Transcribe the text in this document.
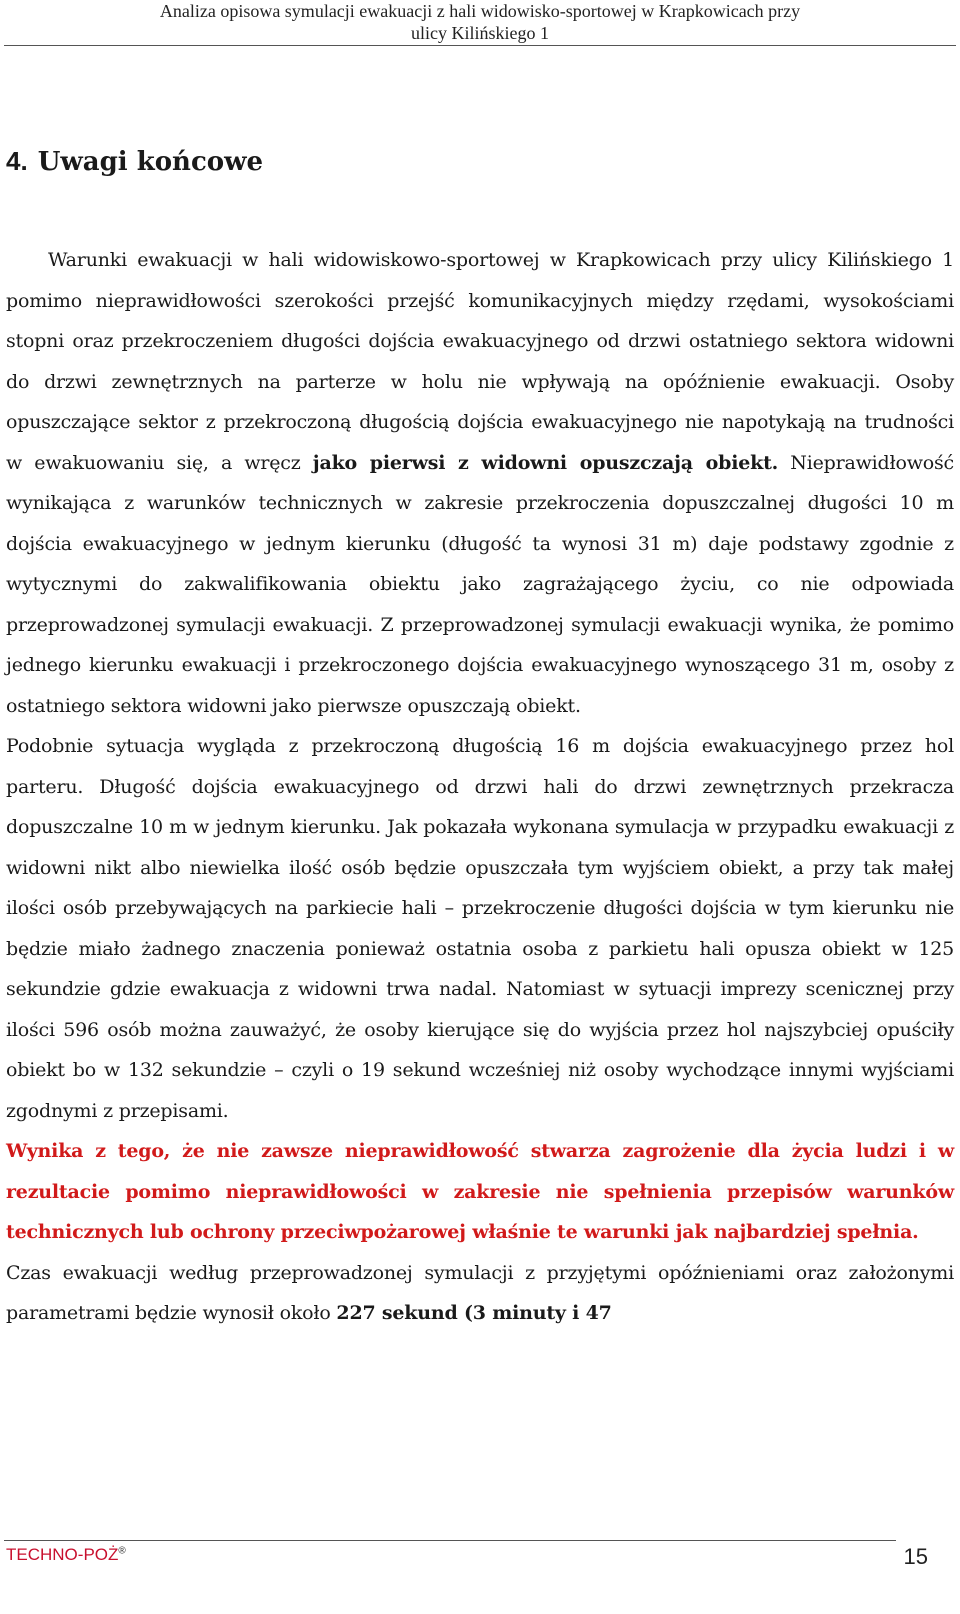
Analiza opisowa symulacji ewakuacji z hali widowisko-sportowej w Krapkowicach przy
ulicy Kilińskiego 1
4. Uwagi końcowe

Warunki ewakuacji w hali widowiskowo-sportowej w Krapkowicach przy ulicy Kilińskiego 1 pomimo nieprawidłowości szerokości przejść komunikacyjnych między rzędami, wysokościami stopni oraz przekroczeniem długości dojścia ewakuacyjnego od drzwi ostatniego sektora widowni do drzwi zewnętrznych na parterze w holu nie wpływają na opóźnienie ewakuacji. Osoby opuszczające sektor z przekroczoną długością dojścia ewakuacyjnego nie napotykają na trudności w ewakuowaniu się, a wręcz jako pierwsi z widowni opuszczają obiekt. Nieprawidłowość wynikająca z warunków technicznych w zakresie przekroczenia dopuszczalnej długości 10 m dojścia ewakuacyjnego w jednym kierunku (długość ta wynosi 31 m) daje podstawy zgodnie z wytycznymi do zakwalifikowania obiektu jako zagrażającego życiu, co nie odpowiada przeprowadzonej symulacji ewakuacji. Z przeprowadzonej symulacji ewakuacji wynika, że pomimo jednego kierunku ewakuacji i przekroczonego dojścia ewakuacyjnego wynoszącego 31 m, osoby z ostatniego sektora widowni jako pierwsze opuszczają obiekt.

Podobnie sytuacja wygląda z przekroczoną długością 16 m dojścia ewakuacyjnego przez hol parteru. Długość dojścia ewakuacyjnego od drzwi hali do drzwi zewnętrznych przekracza dopuszczalne 10 m w jednym kierunku. Jak pokazała wykonana symulacja w przypadku ewakuacji z widowni nikt albo niewielka ilość osób będzie opuszczała tym wyjściem obiekt, a przy tak małej ilości osób przebywających na parkiecie hali – przekroczenie długości dojścia w tym kierunku nie będzie miało żadnego znaczenia ponieważ ostatnia osoba z parkietu hali opusza obiekt w 125 sekundzie gdzie ewakuacja z widowni trwa nadal. Natomiast w sytuacji imprezy scenicznej przy ilości 596 osób można zauważyć, że osoby kierujące się do wyjścia przez hol najszybciej opuściły obiekt bo w 132 sekundzie – czyli o 19 sekund wcześniej niż osoby wychodzące innymi wyjściami zgodnymi z przepisami.

Wynika z tego, że nie zawsze nieprawidłowość stwarza zagrożenie dla życia ludzi i w rezultacie pomimo nieprawidłowości w zakresie nie spełnienia przepisów warunków technicznych lub ochrony przeciwpożarowej właśnie te warunki jak najbardziej spełnia.

Czas ewakuacji według przeprowadzonej symulacji z przyjętymi opóźnieniami oraz założonymi parametrami będzie wynosił około 227 sekund (3 minuty i 47

TECHNO-POŻ®	15
